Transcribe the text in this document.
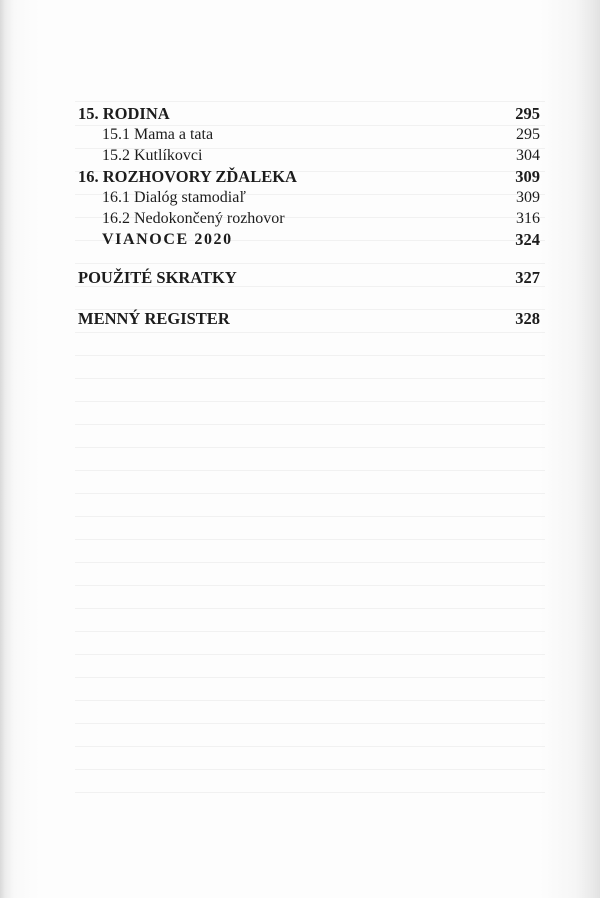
15. RODINA	295
15.1 Mama a tata	295
15.2 Kutlíkovci	304
16. ROZHOVORY ZĎALEKA	309
16.1 Dialóg stamodiaľ	309
16.2 Nedokončený rozhovor	316
VIANOCE 2020	324
POUŽITÉ SKRATKY	327
MENNÝ REGISTER	328
